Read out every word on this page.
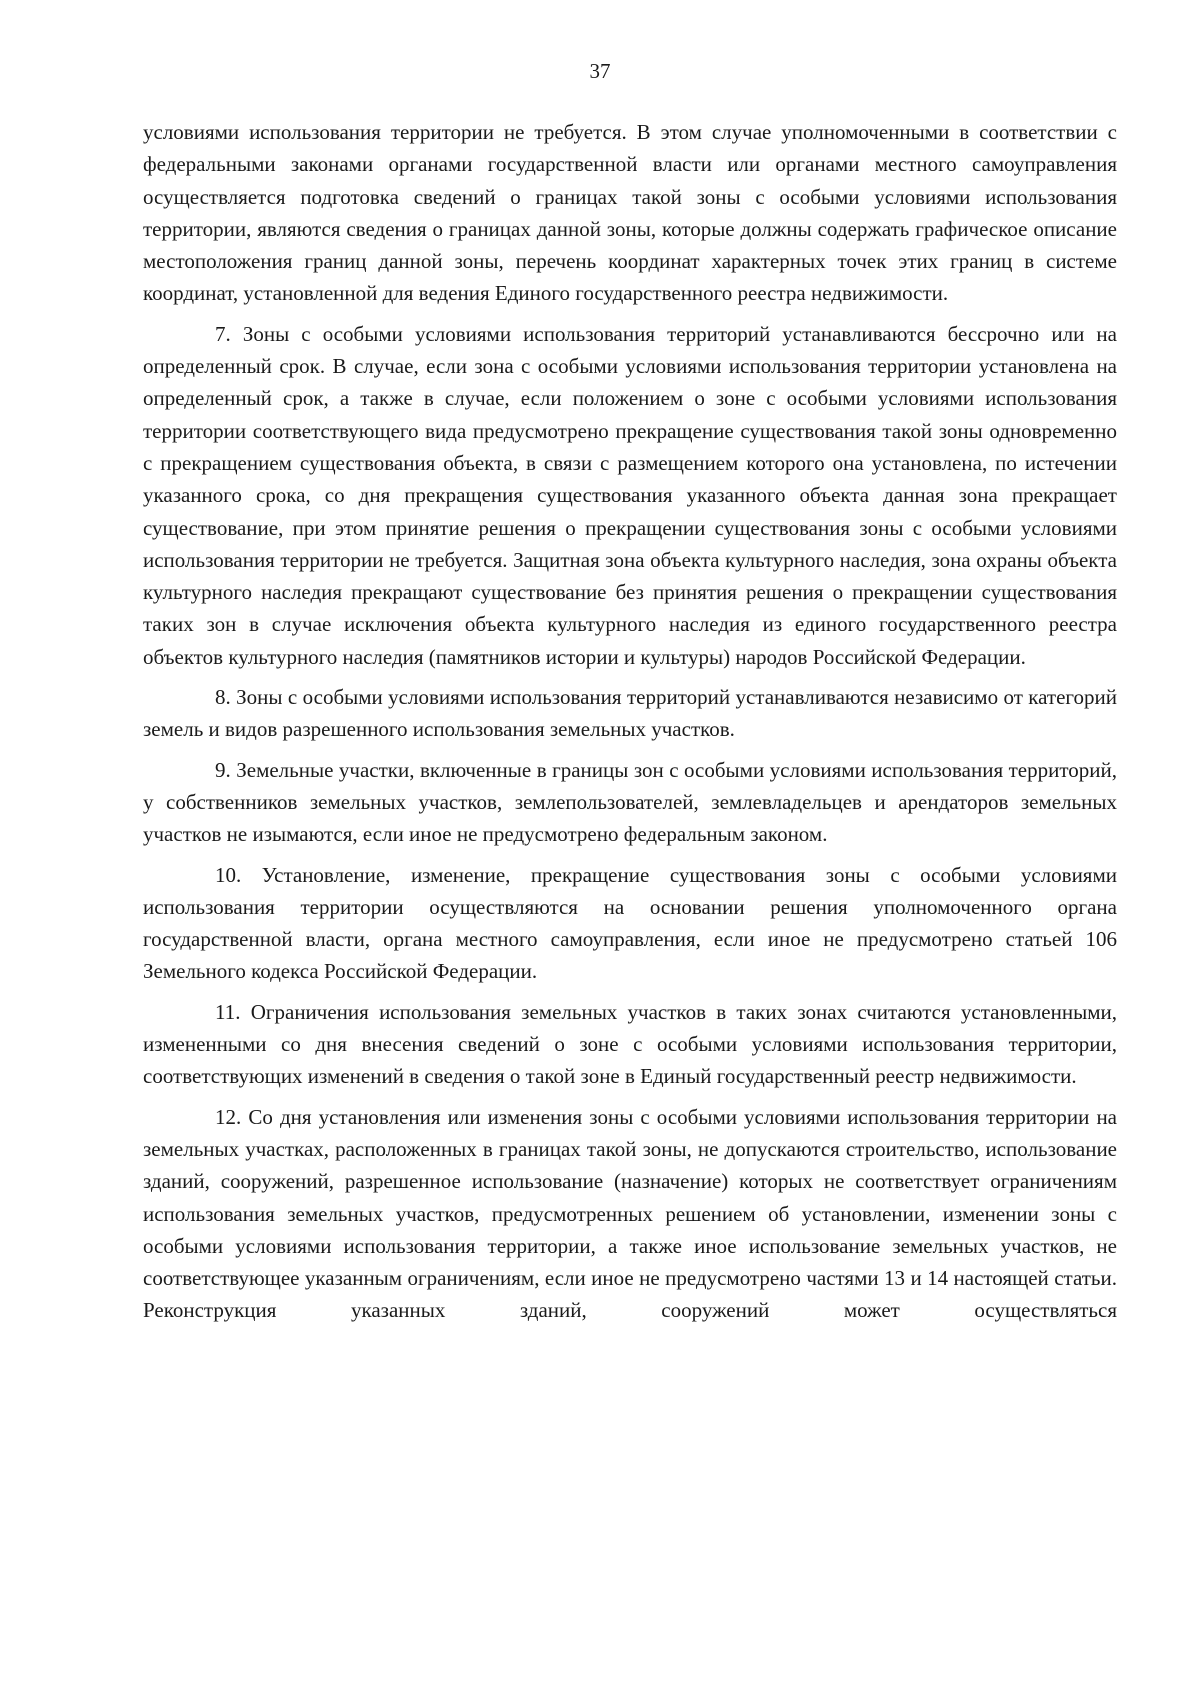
37

условиями использования территории не требуется. В этом случае уполномоченными в соответствии с федеральными законами органами государственной власти или органами местного самоуправления осуществляется подготовка сведений о границах такой зоны с особыми условиями использования территории, являются сведения о границах данной зоны, которые должны содержать графическое описание местоположения границ данной зоны, перечень координат характерных точек этих границ в системе координат, установленной для ведения Единого государственного реестра недвижимости.

7. Зоны с особыми условиями использования территорий устанавливаются бессрочно или на определенный срок. В случае, если зона с особыми условиями использования территории установлена на определенный срок, а также в случае, если положением о зоне с особыми условиями использования территории соответствующего вида предусмотрено прекращение существования такой зоны одновременно с прекращением существования объекта, в связи с размещением которого она установлена, по истечении указанного срока, со дня прекращения существования указанного объекта данная зона прекращает существование, при этом принятие решения о прекращении существования зоны с особыми условиями использования территории не требуется. Защитная зона объекта культурного наследия, зона охраны объекта культурного наследия прекращают существование без принятия решения о прекращении существования таких зон в случае исключения объекта культурного наследия из единого государственного реестра объектов культурного наследия (памятников истории и культуры) народов Российской Федерации.

8. Зоны с особыми условиями использования территорий устанавливаются независимо от категорий земель и видов разрешенного использования земельных участков.

9. Земельные участки, включенные в границы зон с особыми условиями использования территорий, у собственников земельных участков, землепользователей, землевладельцев и арендаторов земельных участков не изымаются, если иное не предусмотрено федеральным законом.

10. Установление, изменение, прекращение существования зоны с особыми условиями использования территории осуществляются на основании решения уполномоченного органа государственной власти, органа местного самоуправления, если иное не предусмотрено статьей 106 Земельного кодекса Российской Федерации.

11. Ограничения использования земельных участков в таких зонах считаются установленными, измененными со дня внесения сведений о зоне с особыми условиями использования территории, соответствующих изменений в сведения о такой зоне в Единый государственный реестр недвижимости.

12. Со дня установления или изменения зоны с особыми условиями использования территории на земельных участках, расположенных в границах такой зоны, не допускаются строительство, использование зданий, сооружений, разрешенное использование (назначение) которых не соответствует ограничениям использования земельных участков, предусмотренных решением об установлении, изменении зоны с особыми условиями использования территории, а также иное использование земельных участков, не соответствующее указанным ограничениям, если иное не предусмотрено частями 13 и 14 настоящей статьи. Реконструкция указанных зданий, сооружений может осуществляться
